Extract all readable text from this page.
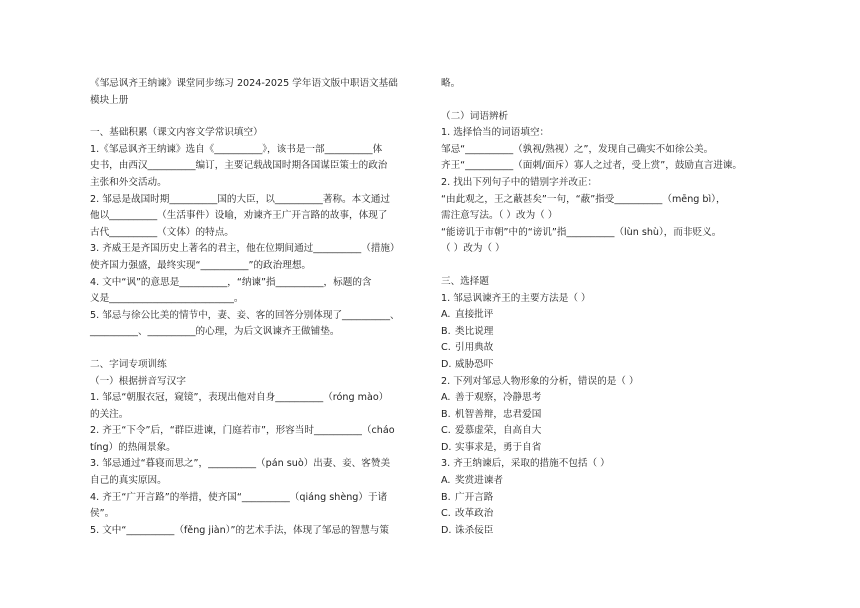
《邹忌讽齐王纳谏》课堂同步练习 2024-2025 学年语文版中职语文基础
模块上册
一、基础积累（课文内容文学常识填空）
1.《邹忌讽齐王纳谏》选自《__________》，该书是一部__________体
史书，由西汉__________编订，主要记载战国时期各国谋臣策士的政治
主张和外交活动。
2. 邹忌是战国时期__________国的大臣，以__________著称。本文通过
他以__________（生活事件）设喻，劝谏齐王广开言路的故事，体现了
古代__________（文体）的特点。
3. 齐威王是齐国历史上著名的君主，他在位期间通过__________（措施）
使齐国力强盛，最终实现“__________”的政治理想。
4. 文中“讽”的意思是__________，“纳谏”指__________，标题的含
义是__________________________。
5. 邹忌与徐公比美的情节中，妻、妾、客的回答分别体现了__________、
__________、__________的心理，为后文讽谏齐王做铺垫。
二、字词专项训练
（一）根据拼音写汉字
1. 邹忌“朝服衣冠，窥镜”，表现出他对自身__________（róng mào）
的关注。
2. 齐王“下令”后，“群臣进谏，门庭若市”，形容当时__________（cháo
tíng）的热闹景象。
3. 邹忌通过“暮寝而思之”，__________（pán suò）出妻、妾、客赞美
自己的真实原因。
4. 齐王“广开言路”的举措，使齐国“__________（qiáng shèng）于诸
侯”。
5. 文中“__________（fěng jiàn）”的艺术手法，体现了邹忌的智慧与策
略。
（二）词语辨析
1. 选择恰当的词语填空：
邹忌“__________（孰视/熟视）之”，发现自己确实不如徐公美。
齐王“__________（面刺/面斥）寡人之过者，受上赏”，鼓励直言进谏。
2. 找出下列句子中的错别字并改正：
“由此观之，王之蔽甚矣”一句，“蔽”指受__________（mēng bì），
需注意写法。（ ）改为（ ）
“能谤讥于市朝”中的“谤讥”指__________（lùn shù），而非贬义。
（ ）改为（ ）
三、选择题
1. 邹忌讽谏齐王的主要方法是（ ）
A. 直接批评
B. 类比说理
C. 引用典故
D. 威胁恐吓
2. 下列对邹忌人物形象的分析，错误的是（ ）
A. 善于观察，冷静思考
B. 机智善辩，忠君爱国
C. 爱慕虚荣，自高自大
D. 实事求是，勇于自省
3. 齐王纳谏后，采取的措施不包括（ ）
A. 奖赏进谏者
B. 广开言路
C. 改革政治
D. 诛杀佞臣
